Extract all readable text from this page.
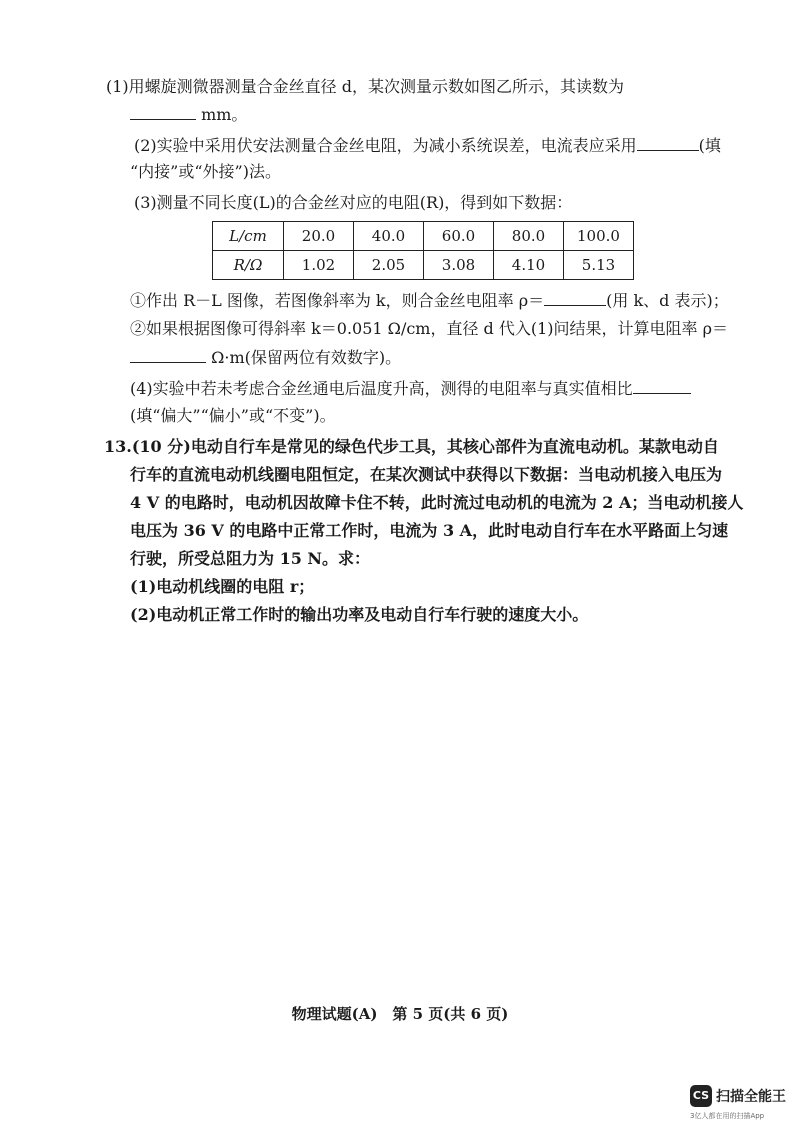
(1)用螺旋测微器测量合金丝直径 d，某次测量示数如图乙所示，其读数为
mm。
(2)实验中采用伏安法测量合金丝电阻，为减小系统误差，电流表应采用	(填
“内接”或“外接”)法。
(3)测量不同长度(L)的合金丝对应的电阻(R)，得到如下数据：
L/cm	20.0	40.0	60.0	80.0	100.0
R/Ω	1.02	2.05	3.08	4.10	5.13
①作出 R－L 图像，若图像斜率为 k，则合金丝电阻率 ρ＝	(用 k、d 表示)；
②如果根据图像可得斜率 k＝0.051 Ω/cm，直径 d 代入(1)问结果，计算电阻率 ρ＝
Ω·m(保留两位有效数字)。
(4)实验中若未考虑合金丝通电后温度升高，测得的电阻率与真实值相比
(填“偏大”“偏小”或“不变”)。
13.(10 分)电动自行车是常见的绿色代步工具，其核心部件为直流电动机。某款电动自
行车的直流电动机线圈电阻恒定，在某次测试中获得以下数据：当电动机接入电压为
4 V 的电路时，电动机因故障卡住不转，此时流过电动机的电流为 2 A；当电动机接人
电压为 36 V 的电路中正常工作时，电流为 3 A，此时电动自行车在水平路面上匀速
行驶，所受总阻力为 15 N。求：
(1)电动机线圈的电阻 r；
(2)电动机正常工作时的输出功率及电动自行车行驶的速度大小。
物理试题(A)　第 5 页(共 6 页)
CS 扫描全能王
3亿人都在用的扫描App
